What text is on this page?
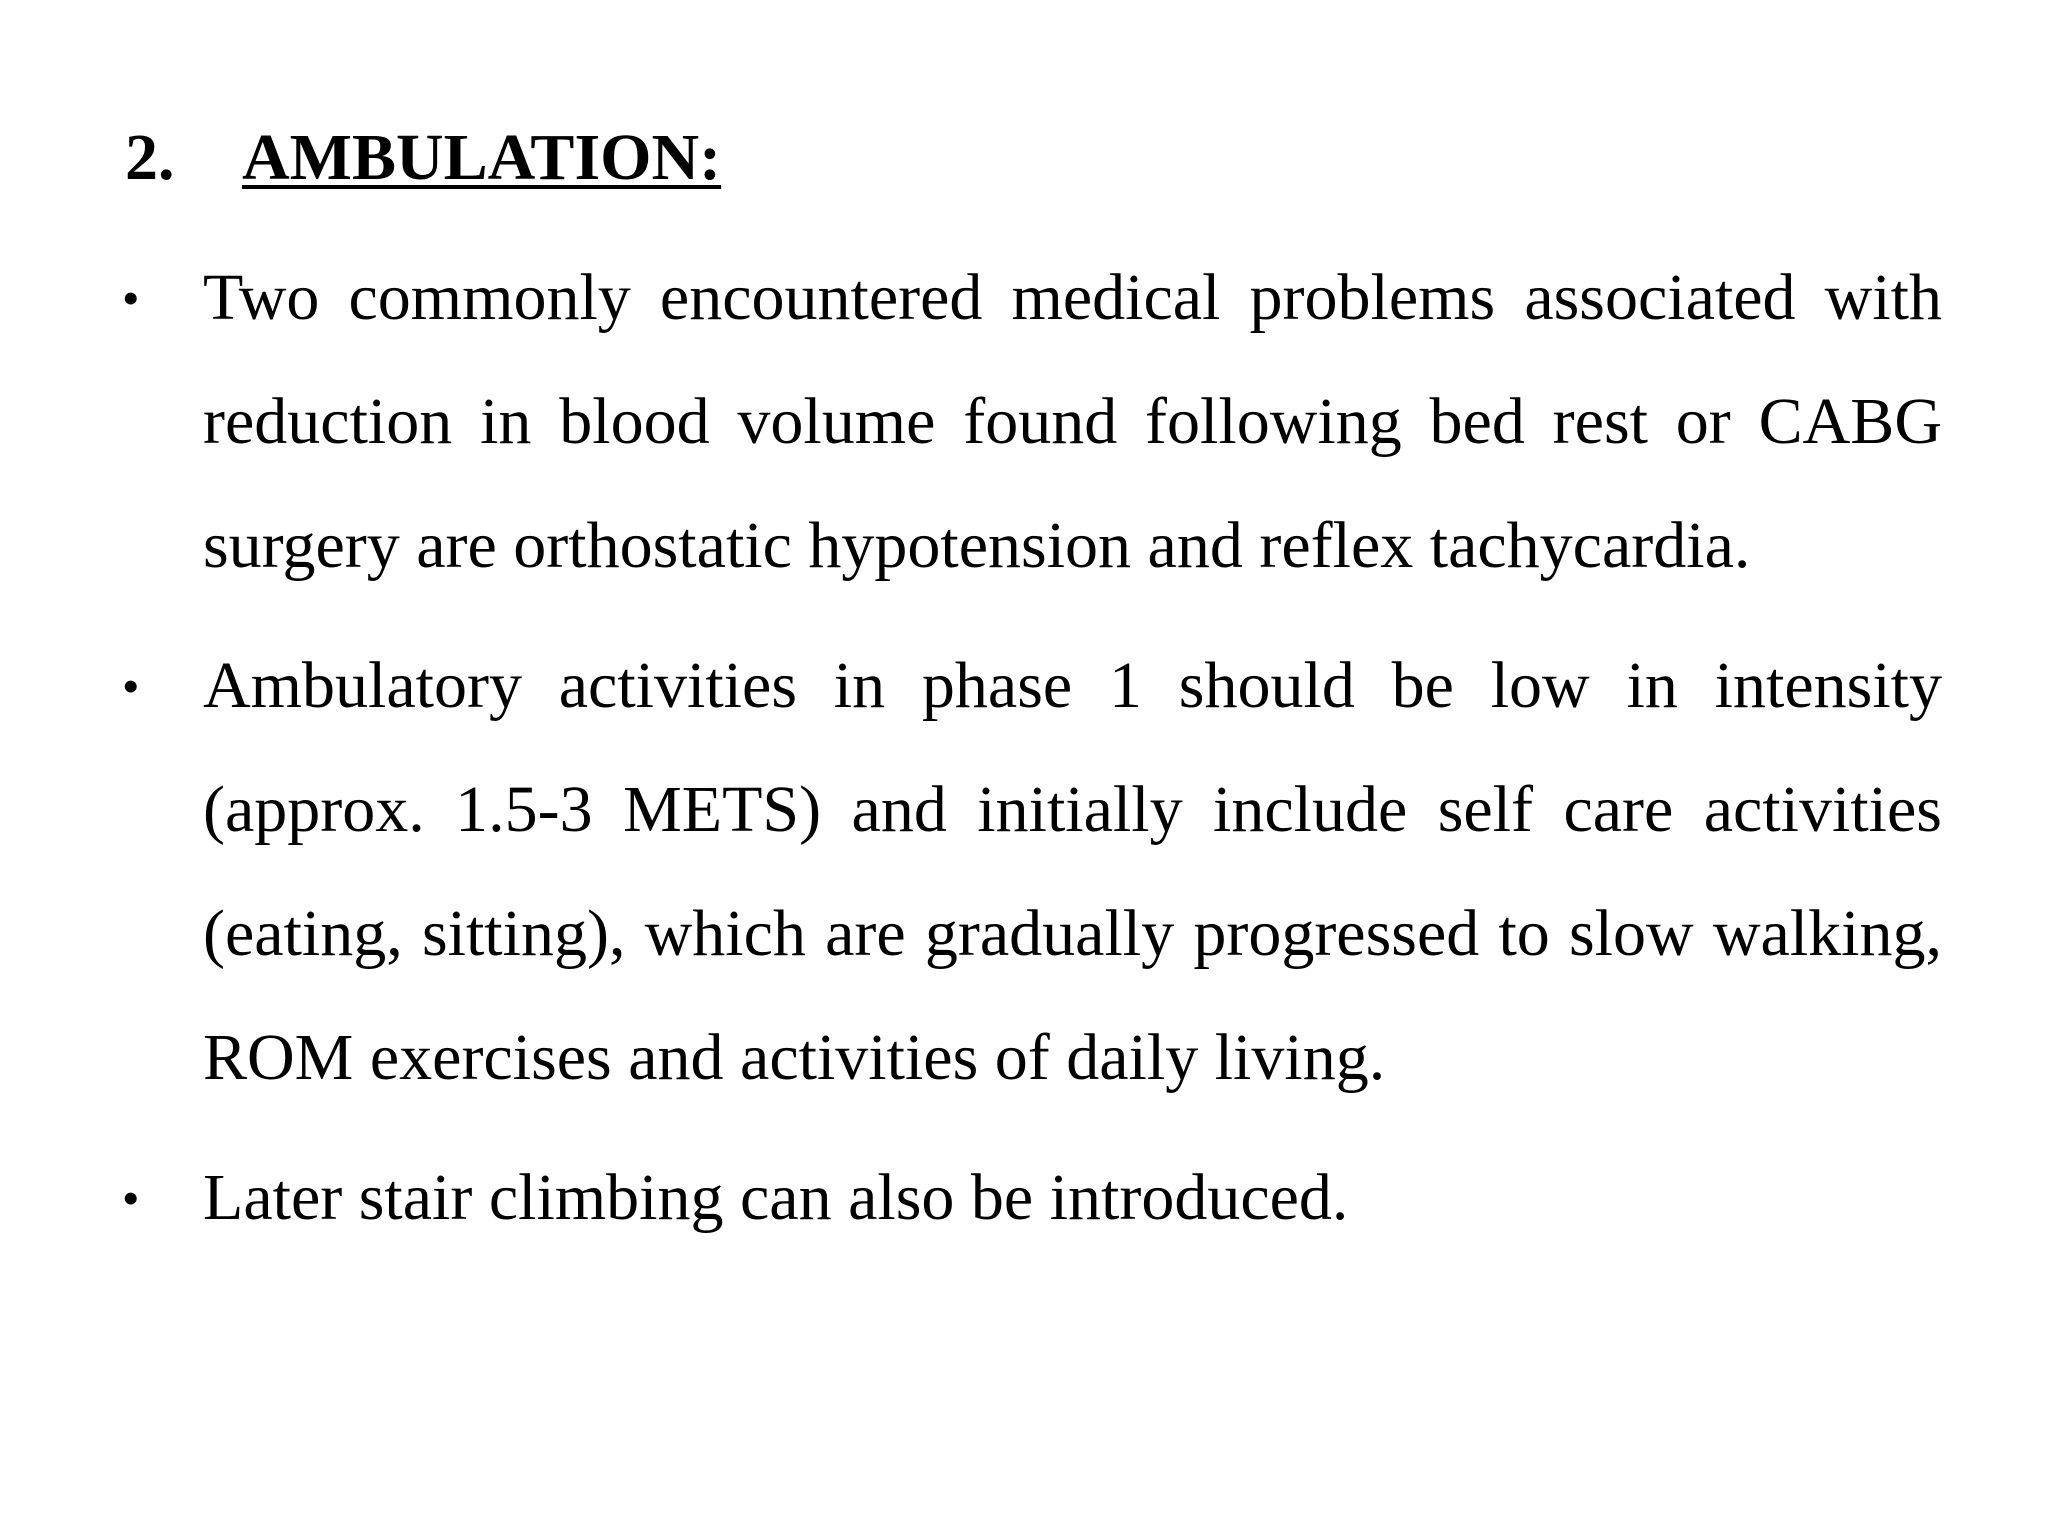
2. AMBULATION:
• Two commonly encountered medical problems associated with reduction in blood volume found following bed rest or CABG surgery are orthostatic hypotension and reflex tachycardia.
• Ambulatory activities in phase 1 should be low in intensity (approx. 1.5-3 METS) and initially include self care activities (eating, sitting), which are gradually progressed to slow walking, ROM exercises and activities of daily living.
• Later stair climbing can also be introduced.
